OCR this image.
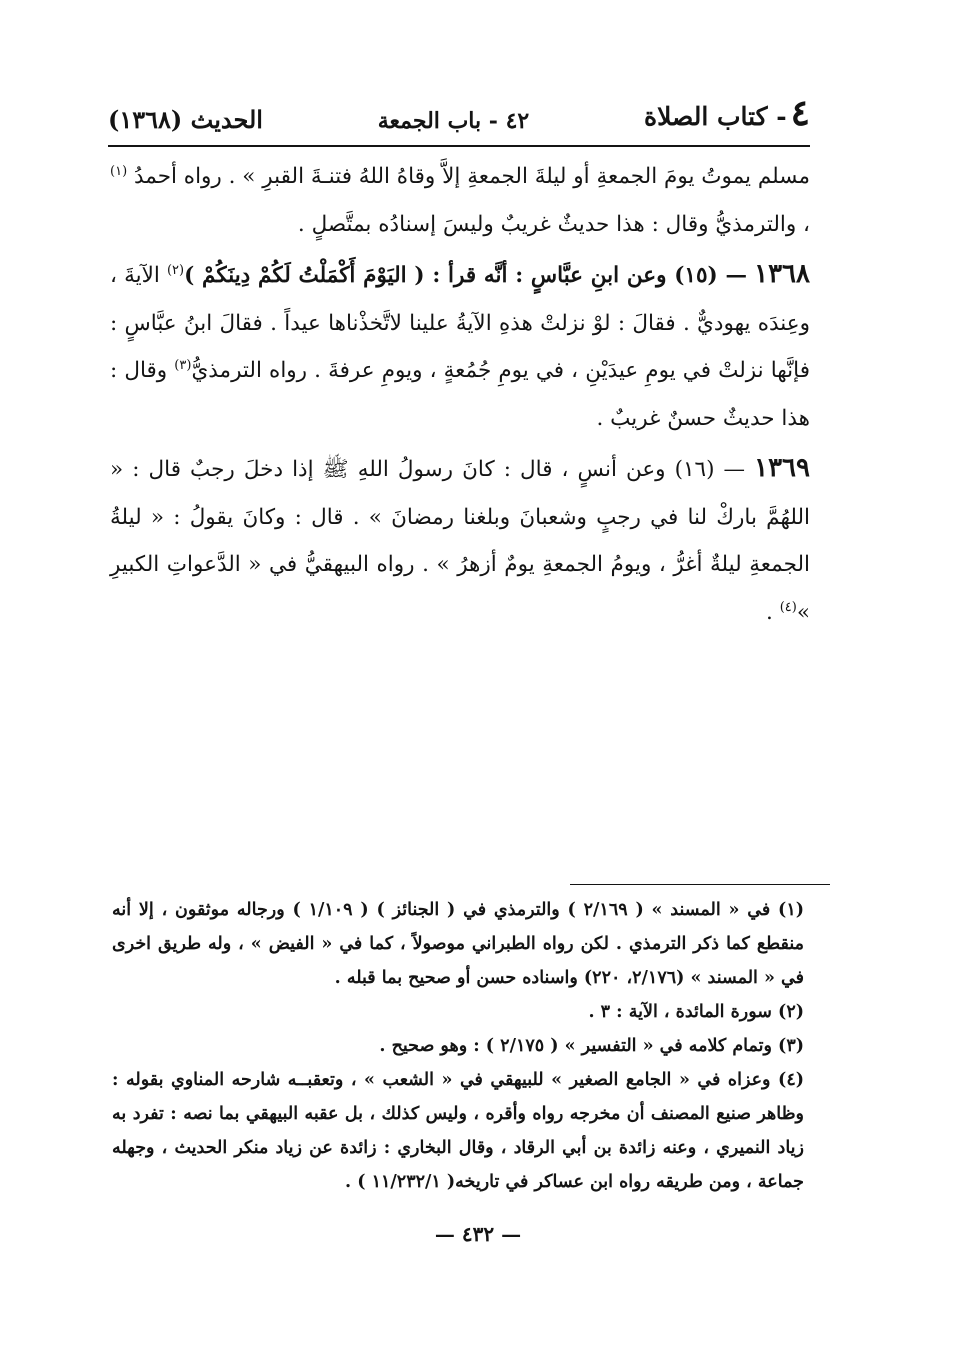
٤- كتاب الصلاة
٤٢ - باب الجمعة
الحديث (١٣٦٨)

مسلم يموتُ يومَ الجمعةِ أو ليلةَ الجمعةِ إلاَّ وقاهُ اللهُ فتنـةَ القبرِ » . رواه أحمدُ $^{(١)}$ ، والترمذيُّ وقال : هذا حديثٌ غريبٌ وليسَ إسنادُه بمتَّصلٍ .

١٣٦٨ — (١٥) وعن ابنِ عبَّاسٍ : أنَّه قرأ : ( اليَوْمَ أَكْمَلْتُ لَكُمْ دِينَكُمْ )$^{(٢)}$ الآيةَ ، وعِندَه يهوديٌّ . فقالَ : لوْ نزلتْ هذهِ الآيةُ علينا لاتَّخذْناها عيداً . فقالَ ابنُ عبَّاسٍ : فإنَّها نزلتْ في يومِ عيدَيْنِ ، في يومِ جُمُعةٍ ، ويومِ عرفةَ . رواه الترمذيُّ$^{(٣)}$ وقال : هذا حديثٌ حسنٌ غريبٌ .

١٣٦٩ — (١٦) وعن أنسٍ ، قال : كانَ رسولُ اللهِ ﷺ إذا دخلَ رجبٌ قال : « اللهُمَّ باركْ لنا في رجبٍ وشعبانَ وبلغنا رمضانَ » . قال : وكانَ يقولُ : « ليلةُ الجمعةِ ليلةٌ أغرُّ ، ويومُ الجمعةِ يومٌ أزهرُ » . رواه البيهقيُّ في « الدَّعواتِ الكبيرِ »$^{(٤)}$ .

(١) في « المسند » ( ٢/١٦٩ ) والترمذي في ( الجنائز ) ( ١/١٠٩ ) ورجاله موثقون ، إلا أنه منقطع كما ذكر الترمذي . لكن رواه الطبراني موصولاً ، كما في « الفيض » ، وله طريق اخرى في « المسند » (٢/١٧٦، ٢٢٠) واسناده حسن أو صحيح بما قبله .

(٢) سورة المائدة ، الآية : ٣ .

(٣) وتمام كلامه في « التفسير » ( ٢/١٧٥ ) : وهو صحيح .

(٤) وعزاه في « الجامع الصغير » للبيهقي في « الشعب » ، وتعقبــه شارحه المناوي بقوله : وظاهر صنيع المصنف أن مخرجه رواه وأقره ، وليس كذلك ، بل عقبه البيهقي بما نصه : تفرد به زياد النميري ، وعنه زائدة بن أبي الرقاد ، وقال البخاري : زائدة عن زياد منكر الحديث ، وجهله جماعة ، ومن طريقه رواه ابن عساكر في تاريخه( ١١/٢٣٢/١ ) .

— ٤٣٢ —
